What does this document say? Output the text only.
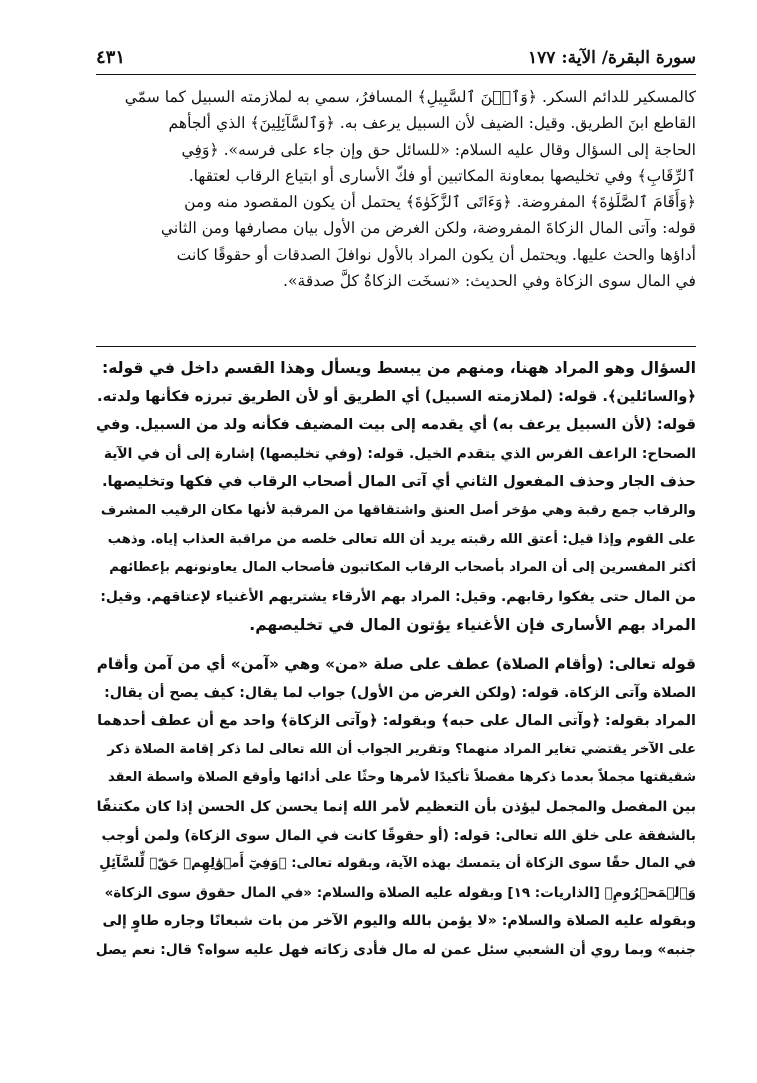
سورة البقرة/ الآية: ١٧٧
٤٣١
كالمسكير للدائم السكر. ﴿وَٱبۡنَ ٱلسَّبِيلِ﴾ المسافرُ، سمي به لملازمته السبيل كما سمّي
القاطع ابنَ الطريق. وقيل: الضيف لأن السبيل يرعف به. ﴿وَٱلسَّآئِلِينَ﴾ الذي ألجأهم
الحاجة إلى السؤال وقال عليه السلام: «للسائل حق وإن جاء على فرسه». ﴿وَفِي
ٱلرِّقَابِ﴾ وفي تخليصها بمعاونة المكاتبين أو فكّ الأسارى أو ابتياع الرقاب لعتقها.
﴿وَأَقَامَ ٱلصَّلَوٰةَ﴾ المفروضة. ﴿وَءَاتَى ٱلزَّكَوٰةَ﴾ يحتمل أن يكون المقصود منه ومن
قوله: وآتى المال الزكاةَ المفروضة، ولكن الغرض من الأول بيان مصارفها ومن الثاني
أداؤها والحث عليها. ويحتمل أن يكون المراد بالأول نوافلَ الصدقات أو حقوقًا كانت
في المال سوى الزكاة وفي الحديث: «نسخَت الزكاةُ كلَّ صدقة».

السؤال وهو المراد ههنا، ومنهم من يبسط ويسأل وهذا القسم داخل في قوله:
﴿والسائلين﴾. قوله: (لملازمته السبيل) أي الطريق أو لأن الطريق تبرزه فكأنها ولدته.
قوله: (لأن السبيل يرعف به) أي يقدمه إلى بيت المضيف فكأنه ولد من السبيل. وفي
الصحاح: الراعف الفرس الذي يتقدم الخيل. قوله: (وفي تخليصها) إشارة إلى أن في الآية
حذف الجار وحذف المفعول الثاني أي آتى المال أصحاب الرقاب في فكها وتخليصها.
والرقاب جمع رقبة وهي مؤخر أصل العنق واشتقاقها من المرقبة لأنها مكان الرقيب المشرف
على القوم وإذا قيل: أعتق الله رقبته يريد أن الله تعالى خلصه من مراقبة العذاب إياه. وذهب
أكثر المفسرين إلى أن المراد بأصحاب الرقاب المكاتبون فأصحاب المال يعاونونهم بإعطائهم
من المال حتى يفكوا رقابهم. وقيل: المراد بهم الأرقاء يشتريهم الأغنياء لإعتاقهم. وقيل:
المراد بهم الأسارى فإن الأغنياء يؤتون المال في تخليصهم.

قوله تعالى: (وأقام الصلاة) عطف على صلة «من» وهي «آمن» أي من آمن وأقام
الصلاة وآتى الزكاة. قوله: (ولكن الغرض من الأول) جواب لما يقال: كيف يصح أن يقال:
المراد بقوله: ﴿وآتى المال على حبه﴾ وبقوله: ﴿وآتى الزكاة﴾ واحد مع أن عطف أحدهما
على الآخر يقتضي تغاير المراد منهما؟ وتقرير الجواب أن الله تعالى لما ذكر إقامة الصلاة ذكر
شقيقتها مجملاً بعدما ذكرها مفصلاً تأكيدًا لأمرها وحثًا على أدائها وأوقع الصلاة واسطة العقد
بين المفصل والمجمل ليؤذن بأن التعظيم لأمر الله إنما يحسن كل الحسن إذا كان مكتنفًا
بالشفقة على خلق الله تعالى: قوله: (أو حقوقًا كانت في المال سوى الزكاة) ولمن أوجب
في المال حقًا سوى الزكاة أن يتمسك بهذه الآية، وبقوله تعالى: ﴿وَفِيٓ أَمۡوَٰلِهِمۡ حَقّٞ لِّلسَّآئِلِ
وَٱلۡمَحۡرُومِ﴾ [الذاريات: ١٩] وبقوله عليه الصلاة والسلام: «في المال حقوق سوى الزكاة»
وبقوله عليه الصلاة والسلام: «لا يؤمن بالله واليوم الآخر من بات شبعانًا وجاره طاوٍ إلى
جنبه» وبما روي أن الشعبي سئل عمن له مال فأدى زكاته فهل عليه سواه؟ قال: نعم يصل
